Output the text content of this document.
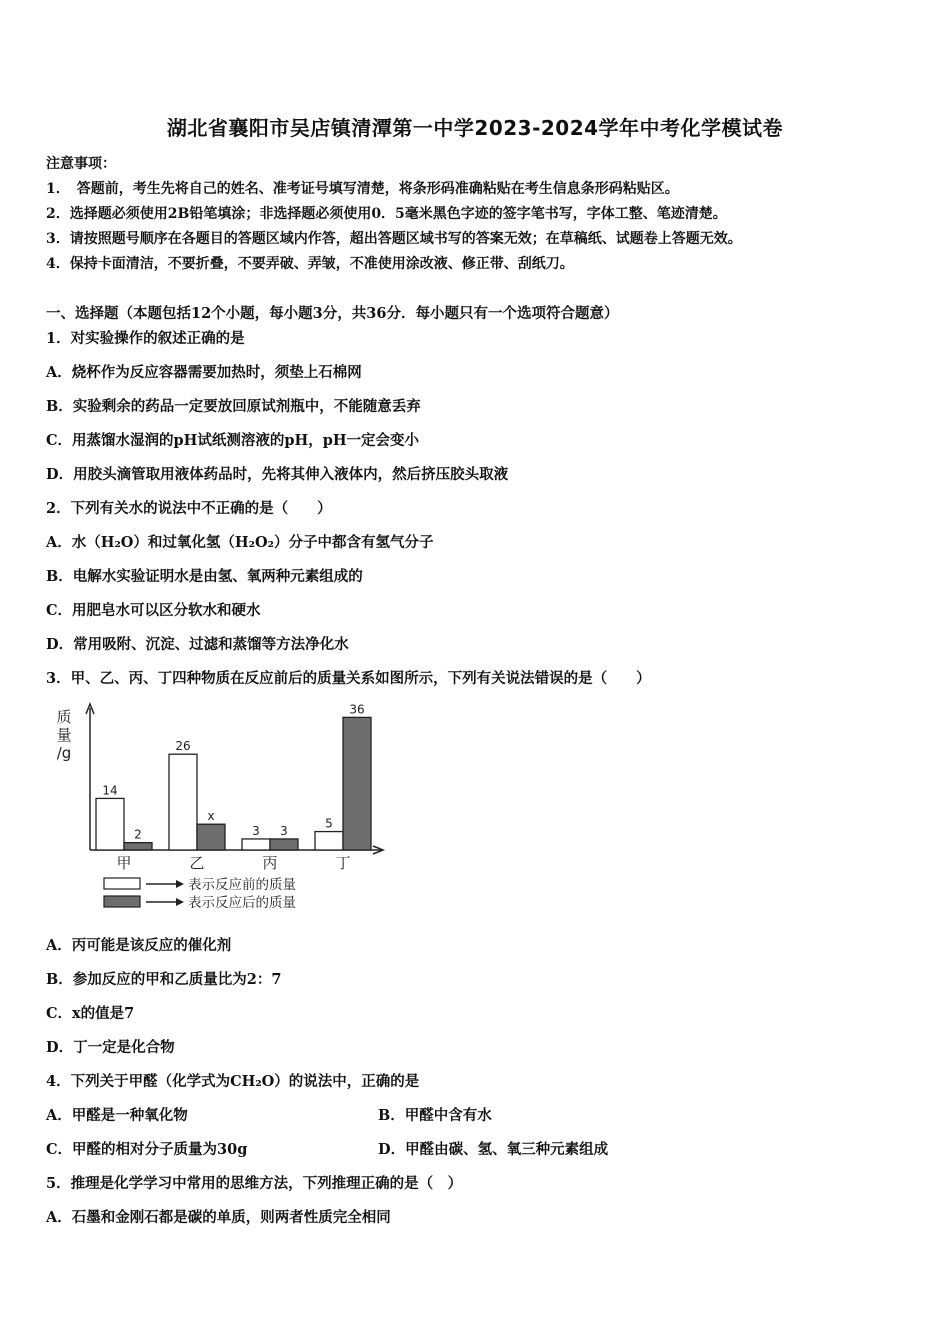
湖北省襄阳市吴店镇清潭第一中学2023-2024学年中考化学模试卷
注意事项：
1．　答题前，考生先将自己的姓名、准考证号填写清楚，将条形码准确粘贴在考生信息条形码粘贴区。
2．选择题必须使用2B铅笔填涂；非选择题必须使用0．5毫米黑色字迹的签字笔书写，字体工整、笔迹清楚。
3．请按照题号顺序在各题目的答题区域内作答，超出答题区域书写的答案无效；在草稿纸、试题卷上答题无效。
4．保持卡面清洁，不要折叠，不要弄破、弄皱，不准使用涂改液、修正带、刮纸刀。
一、选择题（本题包括12个小题，每小题3分，共36分．每小题只有一个选项符合题意）
1．对实验操作的叙述正确的是
A．烧杯作为反应容器需要加热时，须垫上石棉网
B．实验剩余的药品一定要放回原试剂瓶中，不能随意丢弃
C．用蒸馏水湿润的pH试纸测溶液的pH，pH一定会变小
D．用胶头滴管取用液体药品时，先将其伸入液体内，然后挤压胶头取液
2．下列有关水的说法中不正确的是（　　）
A．水（H₂O）和过氧化氢（H₂O₂）分子中都含有氢气分子
B．电解水实验证明水是由氢、氧两种元素组成的
C．用肥皂水可以区分软水和硬水
D．常用吸附、沉淀、过滤和蒸馏等方法净化水
3．甲、乙、丙、丁四种物质在反应前后的质量关系如图所示，下列有关说法错误的是（　　）
质
量
/g
14
2
甲
26
x
乙
3 3
丙
5
36
丁
表示反应前的质量
表示反应后的质量
A．丙可能是该反应的催化剂
B．参加反应的甲和乙质量比为2：7
C．x的值是7
D．丁一定是化合物
4．下列关于甲醛（化学式为CH₂O）的说法中，正确的是
A．甲醛是一种氧化物	B．甲醛中含有水
C．甲醛的相对分子质量为30g	D．甲醛由碳、氢、氧三种元素组成
5．推理是化学学习中常用的思维方法，下列推理正确的是（　）
A．石墨和金刚石都是碳的单质，则两者性质完全相同
